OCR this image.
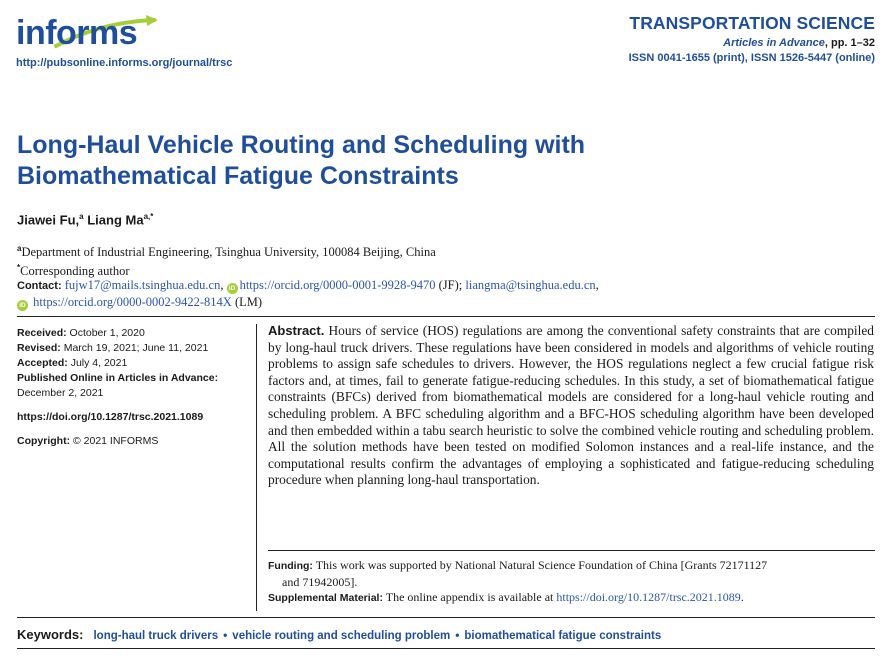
informs
http://pubsonline.informs.org/journal/trsc
TRANSPORTATION SCIENCE
Articles in Advance, pp. 1–32
ISSN 0041-1655 (print), ISSN 1526-5447 (online)
Long-Haul Vehicle Routing and Scheduling with
Biomathematical Fatigue Constraints
Jiawei Fu,$^a$ Liang $Ma^{a,*}$
$^a$Department of Industrial Engineering, Tsinghua University, 100084 Beijing, China
*Corresponding author
Contact: fujw17@mails.tsinghua.edu.cn, iD https://orcid.org/0000-0001-9928-9470 (JF); liangma@tsinghua.edu.cn,
iD https://orcid.org/0000-0002-9422-814X (LM)
Received: October 1, 2020
Revised: March 19, 2021; June 11, 2021
Accepted: July 4, 2021
Published Online in Articles in Advance:
December 2, 2021
https://doi.org/10.1287/trsc.2021.1089
Copyright: © 2021 INFORMS

Abstract. Hours of service (HOS) regulations are among the conventional safety constraints that are compiled by long-haul truck drivers. These regulations have been considered in models and algorithms of vehicle routing problems to assign safe schedules to drivers. However, the HOS regulations neglect a few crucial fatigue risk factors and, at times, fail to generate fatigue-reducing schedules. In this study, a set of biomathematical fatigue constraints (BFCs) derived from biomathematical models are considered for a long-haul vehicle routing and scheduling problem. A BFC scheduling algorithm and a BFC-HOS scheduling algorithm have been developed and then embedded within a tabu search heuristic to solve the combined vehicle routing and scheduling problem. All the solution methods have been tested on modified Solomon instances and a real-life instance, and the computational results confirm the advantages of employing a sophisticated and fatigue-reducing scheduling procedure when planning long-haul transportation.

Funding: This work was supported by National Natural Science Foundation of China [Grants 72171127
and 71942005].
Supplemental Material: The online appendix is available at https://doi.org/10.1287/trsc.2021.1089.
Keywords: long-haul truck drivers • vehicle routing and scheduling problem • biomathematical fatigue constraints
